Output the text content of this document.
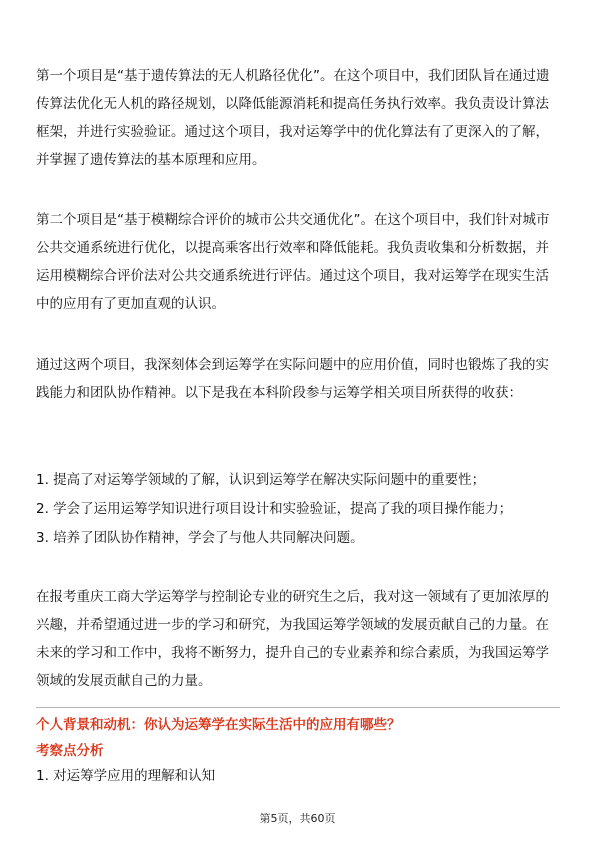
第一个项目是“基于遗传算法的无人机路径优化”。在这个项目中，我们团队旨在通过遗传算法优化无人机的路径规划，以降低能源消耗和提高任务执行效率。我负责设计算法框架，并进行实验验证。通过这个项目，我对运筹学中的优化算法有了更深入的了解，并掌握了遗传算法的基本原理和应用。

第二个项目是“基于模糊综合评价的城市公共交通优化”。在这个项目中，我们针对城市公共交通系统进行优化，以提高乘客出行效率和降低能耗。我负责收集和分析数据，并运用模糊综合评价法对公共交通系统进行评估。通过这个项目，我对运筹学在现实生活中的应用有了更加直观的认识。

通过这两个项目，我深刻体会到运筹学在实际问题中的应用价值，同时也锻炼了我的实践能力和团队协作精神。以下是我在本科阶段参与运筹学相关项目所获得的收获：

1. 提高了对运筹学领域的了解，认识到运筹学在解决实际问题中的重要性；

2. 学会了运用运筹学知识进行项目设计和实验验证，提高了我的项目操作能力；

3. 培养了团队协作精神，学会了与他人共同解决问题。

在报考重庆工商大学运筹学与控制论专业的研究生之后，我对这一领域有了更加浓厚的兴趣，并希望通过进一步的学习和研究，为我国运筹学领域的发展贡献自己的力量。在未来的学习和工作中，我将不断努力，提升自己的专业素养和综合素质，为我国运筹学领域的发展贡献自己的力量。

个人背景和动机：你认为运筹学在实际生活中的应用有哪些？

考察点分析

1. 对运筹学应用的理解和认知

第5页，共60页
